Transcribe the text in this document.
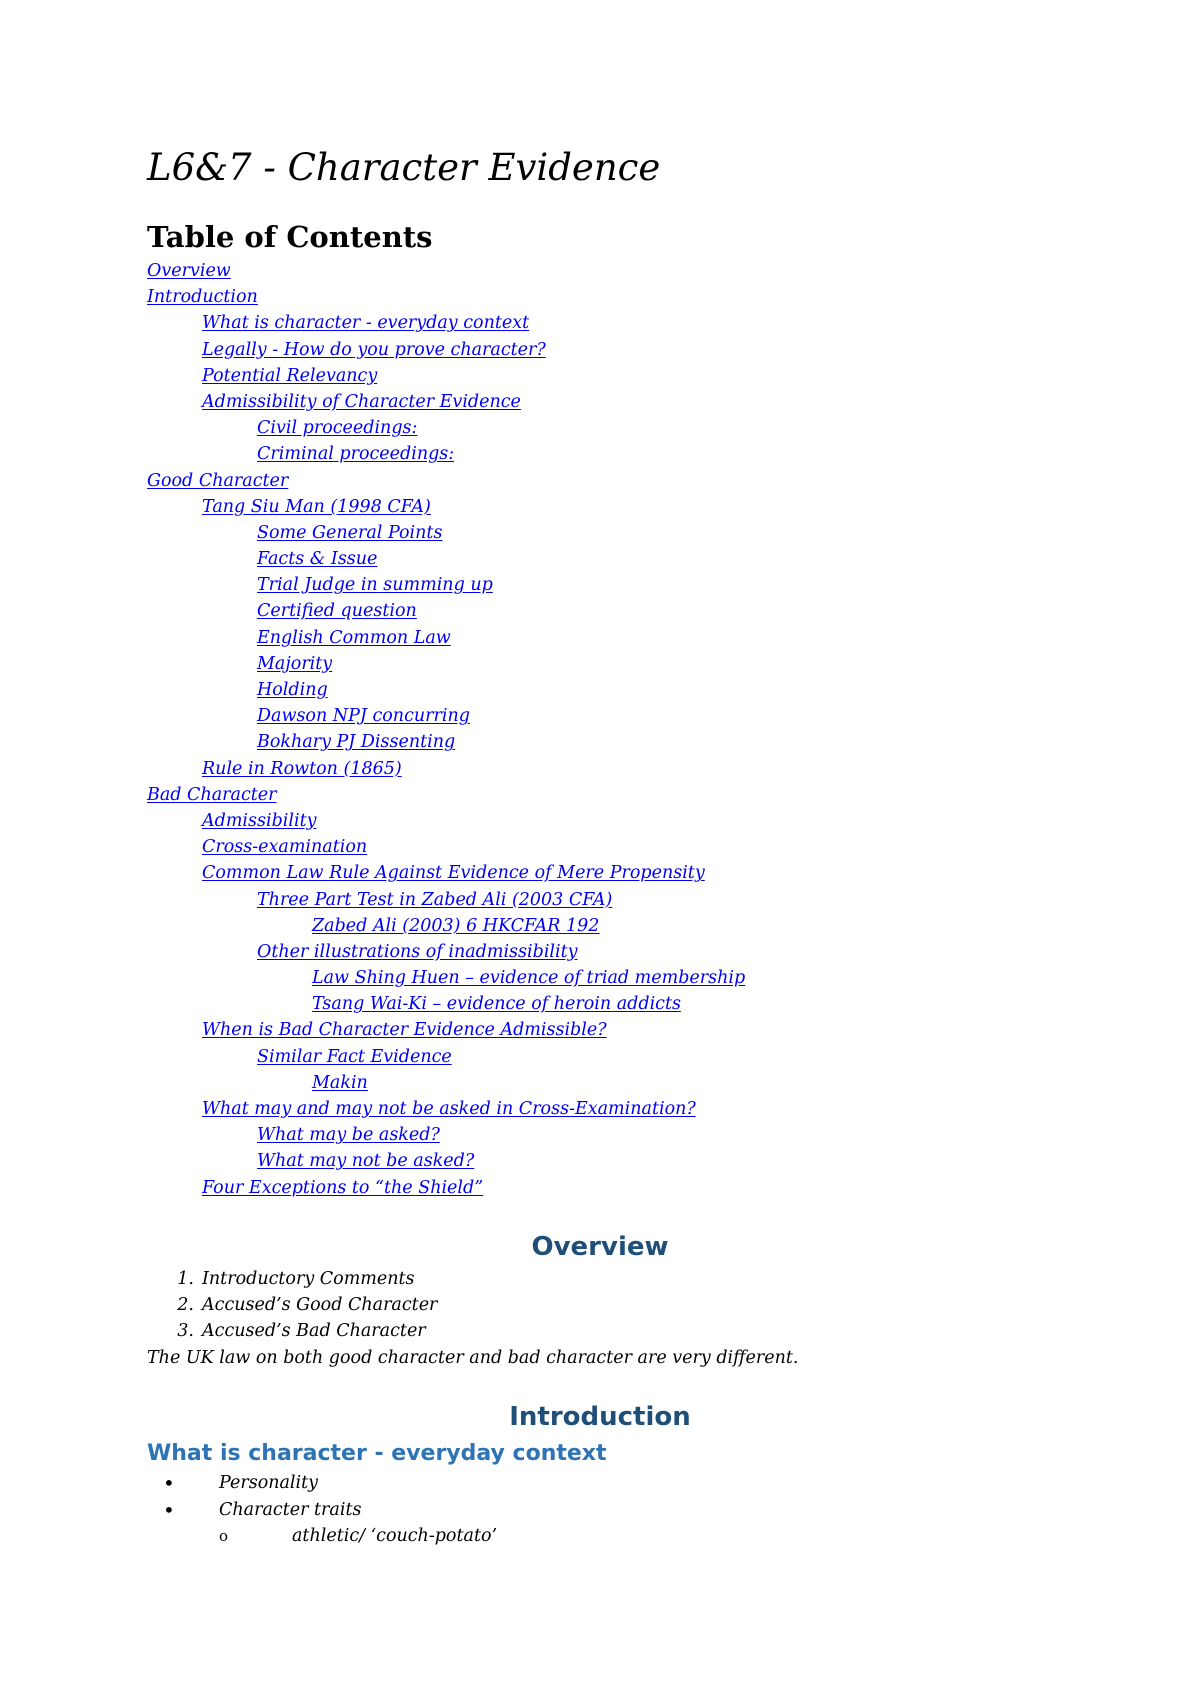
L6&7 - Character Evidence
Table of Contents
Overview
Introduction
What is character - everyday context
Legally - How do you prove character?
Potential Relevancy
Admissibility of Character Evidence
Civil proceedings:
Criminal proceedings:
Good Character
Tang Siu Man (1998 CFA)
Some General Points
Facts & Issue
Trial Judge in summing up
Certified question
English Common Law
Majority
Holding
Dawson NPJ concurring
Bokhary PJ Dissenting
Rule in Rowton (1865)
Bad Character
Admissibility
Cross-examination
Common Law Rule Against Evidence of Mere Propensity
Three Part Test in Zabed Ali (2003 CFA)
Zabed Ali (2003) 6 HKCFAR 192
Other illustrations of inadmissibility
Law Shing Huen – evidence of triad membership
Tsang Wai-Ki – evidence of heroin addicts
When is Bad Character Evidence Admissible?
Similar Fact Evidence
Makin
What may and may not be asked in Cross-Examination?
What may be asked?
What may not be asked?
Four Exceptions to “the Shield”
Overview
1. Introductory Comments
2. Accused’s Good Character
3. Accused’s Bad Character

The UK law on both good character and bad character are very different.

Introduction
What is character - everyday context
•	Personality
•	Character traits
o	athletic/ ‘couch-potato’
